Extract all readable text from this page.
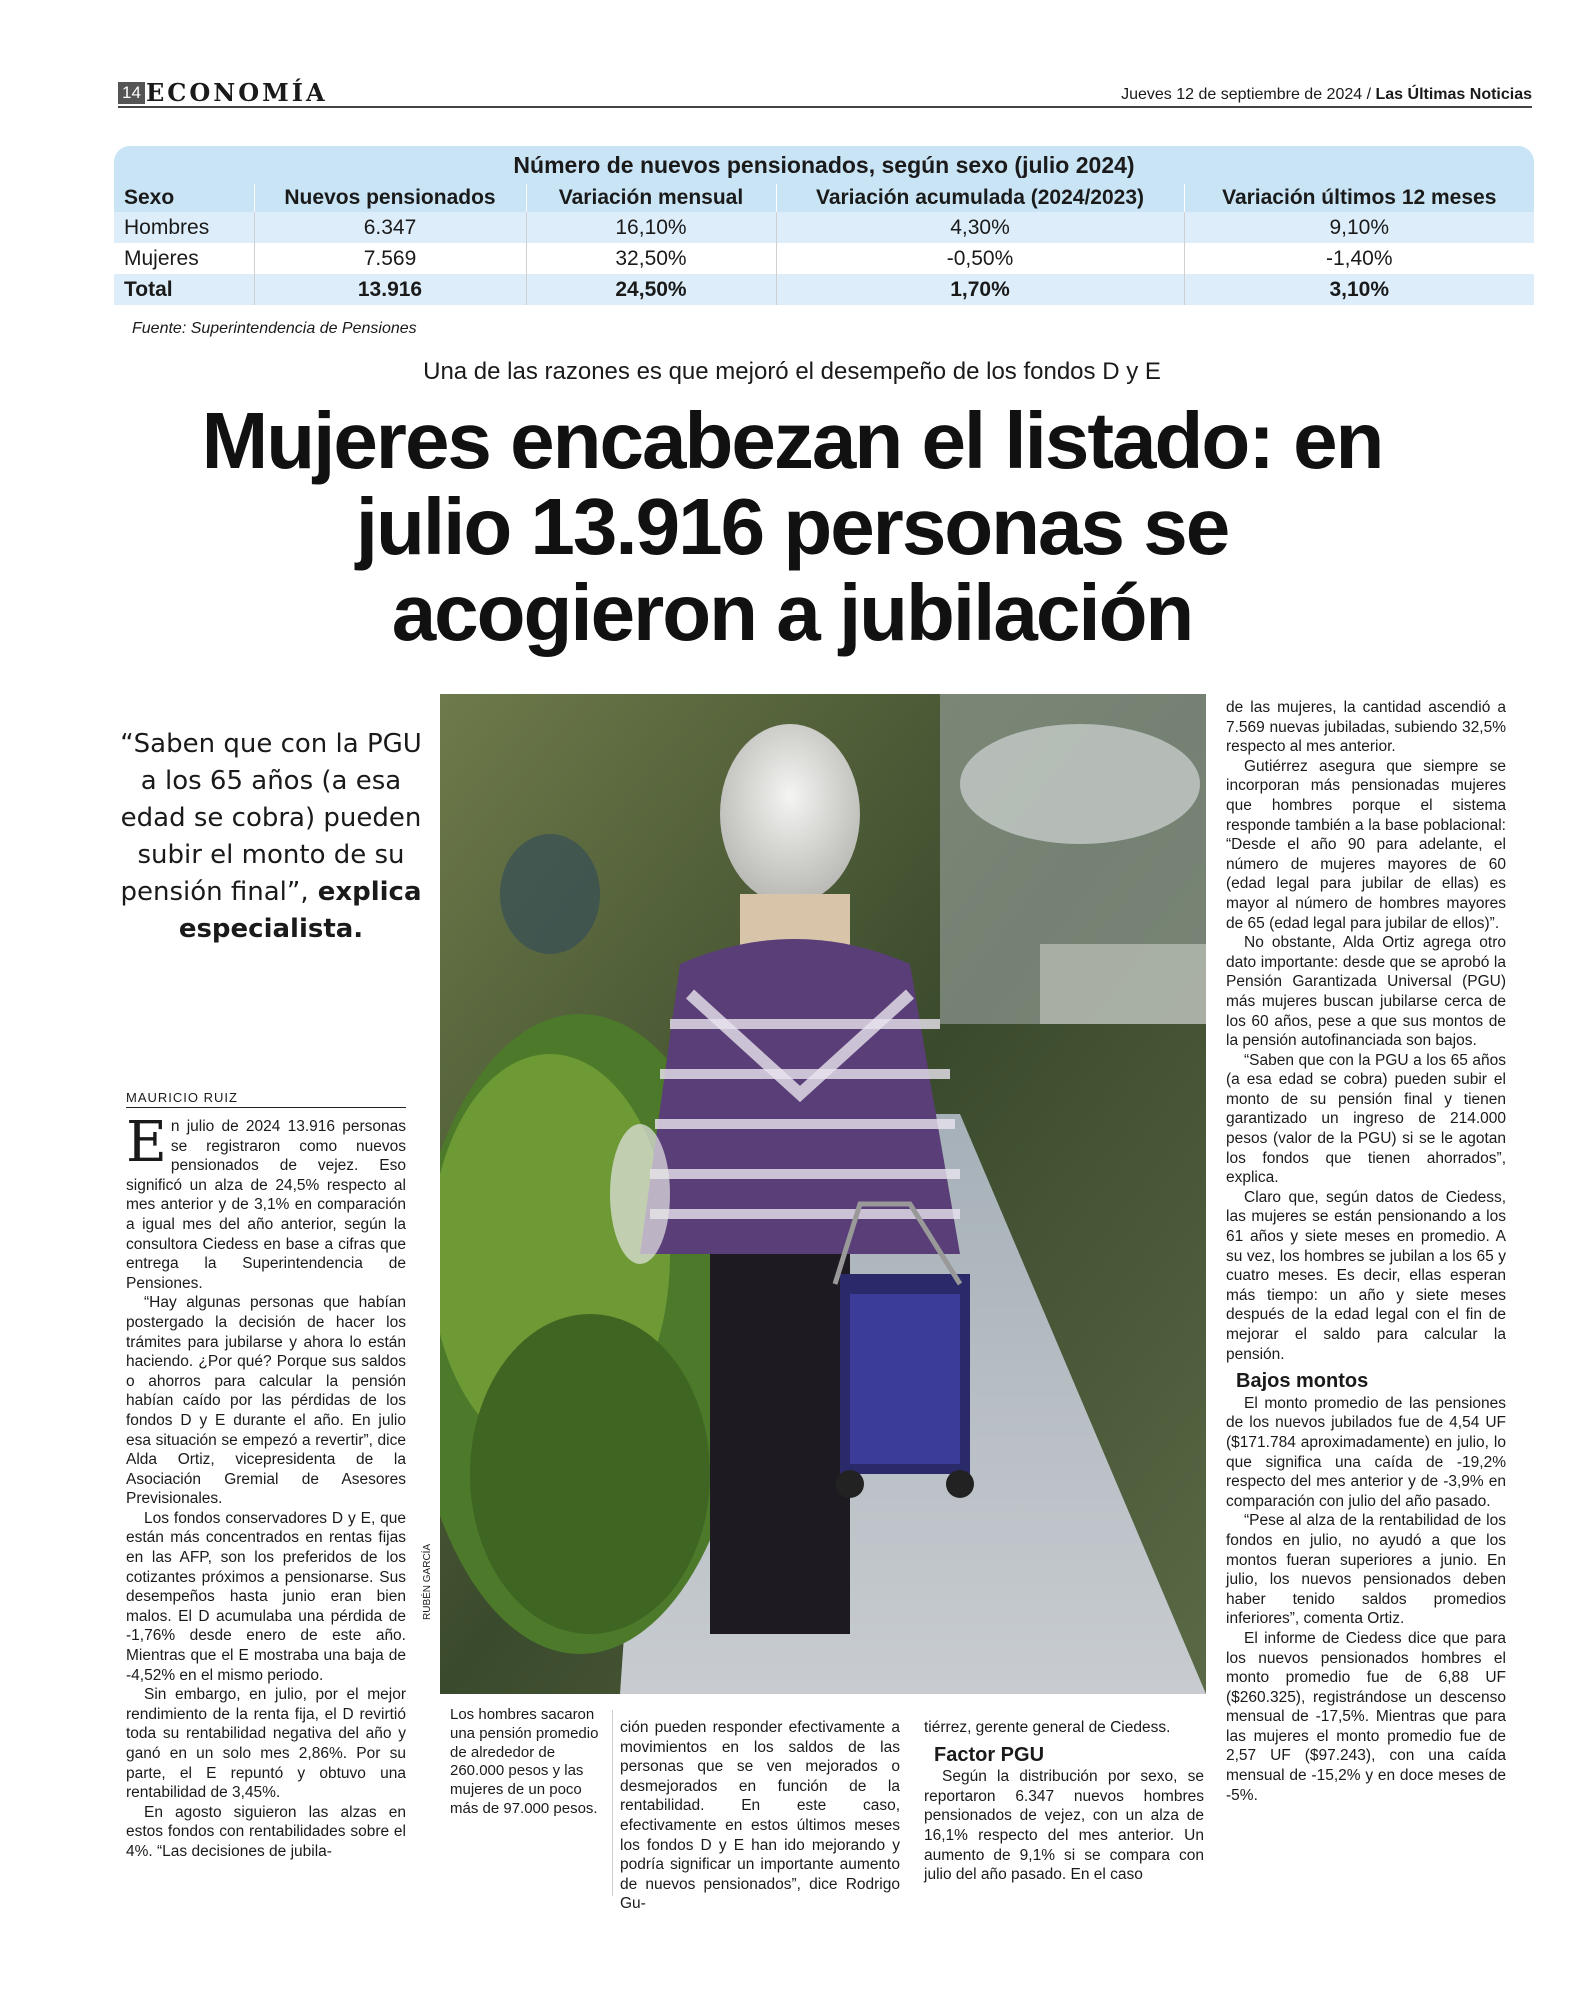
14 ECONOMÍA	Jueves 12 de septiembre de 2024 / Las Últimas Noticias
Número de nuevos pensionados, según sexo (julio 2024)
Sexo	Nuevos pensionados	Variación mensual	Variación acumulada (2024/2023)	Variación últimos 12 meses
Hombres	6.347	16,10%	4,30%	9,10%
Mujeres	7.569	32,50%	-0,50%	-1,40%
Total	13.916	24,50%	1,70%	3,10%
Fuente: Superintendencia de Pensiones
Una de las razones es que mejoró el desempeño de los fondos D y E
Mujeres encabezan el listado: en julio 13.916 personas se acogieron a jubilación
“Saben que con la PGU a los 65 años (a esa edad se cobra) pueden subir el monto de su pensión final”, explica especialista.
MAURICIO RUIZ

En julio de 2024 13.916 personas se registraron como nuevos pensionados de vejez. Eso significó un alza de 24,5% respecto al mes anterior y de 3,1% en comparación a igual mes del año anterior, según la consultora Ciedess en base a cifras que entrega la Superintendencia de Pensiones.

“Hay algunas personas que habían postergado la decisión de hacer los trámites para jubilarse y ahora lo están haciendo. ¿Por qué? Porque sus saldos o ahorros para calcular la pensión habían caído por las pérdidas de los fondos D y E durante el año. En julio esa situación se empezó a revertir”, dice Alda Ortiz, vicepresidenta de la Asociación Gremial de Asesores Previsionales.

Los fondos conservadores D y E, que están más concentrados en rentas fijas en las AFP, son los preferidos de los cotizantes próximos a pensionarse. Sus desempeños hasta junio eran bien malos. El D acumulaba una pérdida de -1,76% desde enero de este año. Mientras que el E mostraba una baja de -4,52% en el mismo periodo.

Sin embargo, en julio, por el mejor rendimiento de la renta fija, el D revirtió toda su rentabilidad negativa del año y ganó en un solo mes 2,86%. Por su parte, el E repuntó y obtuvo una rentabilidad de 3,45%.

En agosto siguieron las alzas en estos fondos con rentabilidades sobre el 4%. “Las decisiones de jubila-

RUBÉN GARCÍA
Los hombres sacaron una pensión promedio de alrededor de 260.000 pesos y las mujeres de un poco más de 97.000 pesos.

ción pueden responder efectivamente a movimientos en los saldos de las personas que se ven mejorados o desmejorados en función de la rentabilidad. En este caso, efectivamente en estos últimos meses los fondos D y E han ido mejorando y podría significar un importante aumento de nuevos pensionados”, dice Rodrigo Gu-

tiérrez, gerente general de Ciedess.

Factor PGU

Según la distribución por sexo, se reportaron 6.347 nuevos hombres pensionados de vejez, con un alza de 16,1% respecto del mes anterior. Un aumento de 9,1% si se compara con julio del año pasado. En el caso

de las mujeres, la cantidad ascendió a 7.569 nuevas jubiladas, subiendo 32,5% respecto al mes anterior.

Gutiérrez asegura que siempre se incorporan más pensionadas mujeres que hombres porque el sistema responde también a la base poblacional: “Desde el año 90 para adelante, el número de mujeres mayores de 60 (edad legal para jubilar de ellas) es mayor al número de hombres mayores de 65 (edad legal para jubilar de ellos)”.

No obstante, Alda Ortiz agrega otro dato importante: desde que se aprobó la Pensión Garantizada Universal (PGU) más mujeres buscan jubilarse cerca de los 60 años, pese a que sus montos de la pensión autofinanciada son bajos.

“Saben que con la PGU a los 65 años (a esa edad se cobra) pueden subir el monto de su pensión final y tienen garantizado un ingreso de 214.000 pesos (valor de la PGU) si se le agotan los fondos que tienen ahorrados”, explica.

Claro que, según datos de Ciedess, las mujeres se están pensionando a los 61 años y siete meses en promedio. A su vez, los hombres se jubilan a los 65 y cuatro meses. Es decir, ellas esperan más tiempo: un año y siete meses después de la edad legal con el fin de mejorar el saldo para calcular la pensión.

Bajos montos

El monto promedio de las pensiones de los nuevos jubilados fue de 4,54 UF ($171.784 aproximadamente) en julio, lo que significa una caída de -19,2% respecto del mes anterior y de -3,9% en comparación con julio del año pasado.

“Pese al alza de la rentabilidad de los fondos en julio, no ayudó a que los montos fueran superiores a junio. En julio, los nuevos pensionados deben haber tenido saldos promedios inferiores”, comenta Ortiz.

El informe de Ciedess dice que para los nuevos pensionados hombres el monto promedio fue de 6,88 UF ($260.325), registrándose un descenso mensual de -17,5%. Mientras que para las mujeres el monto promedio fue de 2,57 UF ($97.243), con una caída mensual de -15,2% y en doce meses de -5%.
